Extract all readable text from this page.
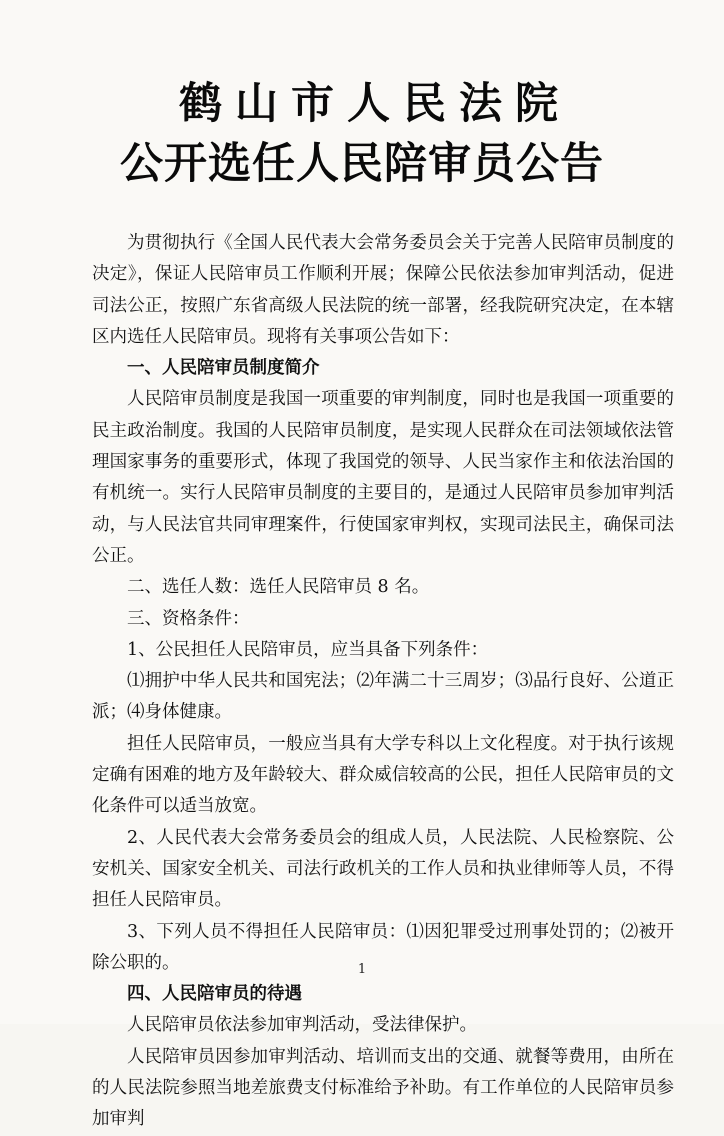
鹤山市人民法院
公开选任人民陪审员公告

为贯彻执行《全国人民代表大会常务委员会关于完善人民陪审员制度的决定》，保证人民陪审员工作顺利开展；保障公民依法参加审判活动，促进司法公正，按照广东省高级人民法院的统一部署，经我院研究决定，在本辖区内选任人民陪审员。现将有关事项公告如下：

一、人民陪审员制度简介

人民陪审员制度是我国一项重要的审判制度，同时也是我国一项重要的民主政治制度。我国的人民陪审员制度，是实现人民群众在司法领域依法管理国家事务的重要形式，体现了我国党的领导、人民当家作主和依法治国的有机统一。实行人民陪审员制度的主要目的，是通过人民陪审员参加审判活动，与人民法官共同审理案件，行使国家审判权，实现司法民主，确保司法公正。

二、选任人数：选任人民陪审员 8 名。

三、资格条件：

1、公民担任人民陪审员，应当具备下列条件：

⑴拥护中华人民共和国宪法；⑵年满二十三周岁；⑶品行良好、公道正派；⑷身体健康。

担任人民陪审员，一般应当具有大学专科以上文化程度。对于执行该规定确有困难的地方及年龄较大、群众威信较高的公民，担任人民陪审员的文化条件可以适当放宽。

2、人民代表大会常务委员会的组成人员，人民法院、人民检察院、公安机关、国家安全机关、司法行政机关的工作人员和执业律师等人员，不得担任人民陪审员。

3、下列人员不得担任人民陪审员：⑴因犯罪受过刑事处罚的；⑵被开除公职的。

四、人民陪审员的待遇

人民陪审员依法参加审判活动，受法律保护。

人民陪审员因参加审判活动、培训而支出的交通、就餐等费用，由所在的人民法院参照当地差旅费支付标准给予补助。有工作单位的人民陪审员参加审判

1
